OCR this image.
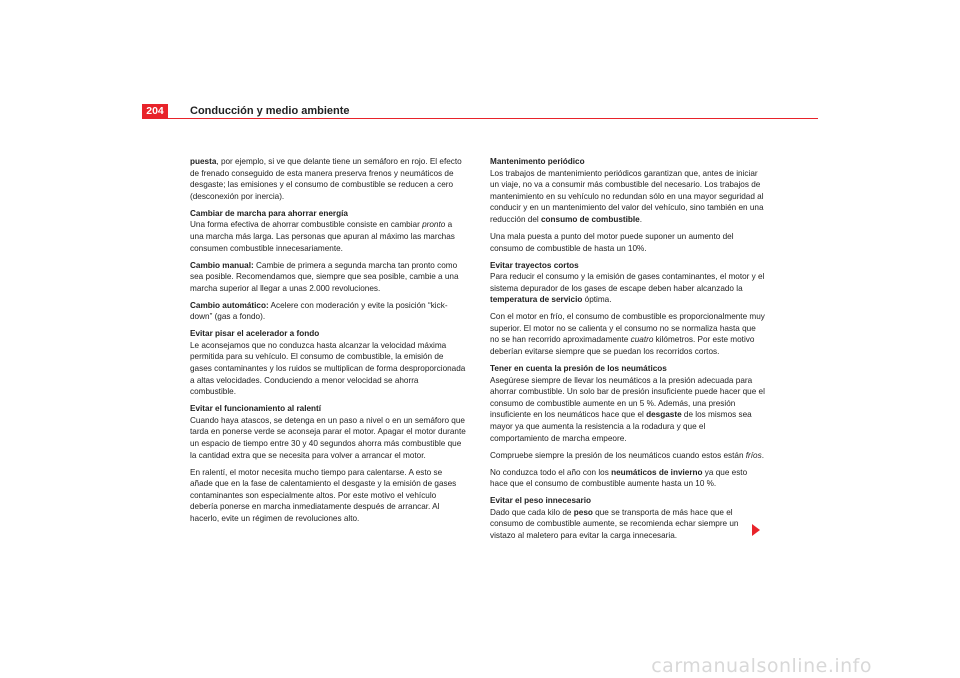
204	Conducción y medio ambiente

puesta, por ejemplo, si ve que delante tiene un semáforo en rojo. El efecto de frenado conseguido de esta manera preserva frenos y neumáticos de desgaste; las emisiones y el consumo de combustible se reducen a cero (desconexión por inercia).

Cambiar de marcha para ahorrar energía
Una forma efectiva de ahorrar combustible consiste en cambiar pronto a una marcha más larga. Las personas que apuran al máximo las marchas consumen combustible innecesariamente.

Cambio manual: Cambie de primera a segunda marcha tan pronto como sea posible. Recomendamos que, siempre que sea posible, cambie a una marcha superior al llegar a unas 2.000 revoluciones.

Cambio automático: Acelere con moderación y evite la posición “kick-down” (gas a fondo).

Evitar pisar el acelerador a fondo
Le aconsejamos que no conduzca hasta alcanzar la velocidad máxima permitida para su vehículo. El consumo de combustible, la emisión de gases contaminantes y los ruidos se multiplican de forma desproporcionada a altas velocidades. Conduciendo a menor velocidad se ahorra combustible.

Evitar el funcionamiento al ralentí
Cuando haya atascos, se detenga en un paso a nivel o en un semáforo que tarda en ponerse verde se aconseja parar el motor. Apagar el motor durante un espacio de tiempo entre 30 y 40 segundos ahorra más combustible que la cantidad extra que se necesita para volver a arrancar el motor.

En ralentí, el motor necesita mucho tiempo para calentarse. A esto se añade que en la fase de calentamiento el desgaste y la emisión de gases contaminantes son especialmente altos. Por este motivo el vehículo debería ponerse en marcha inmediatamente después de arrancar. Al hacerlo, evite un régimen de revoluciones alto.

Mantenimento periódico
Los trabajos de mantenimiento periódicos garantizan que, antes de iniciar un viaje, no va a consumir más combustible del necesario. Los trabajos de mantenimiento en su vehículo no redundan sólo en una mayor seguridad al conducir y en un mantenimiento del valor del vehículo, sino también en una reducción del consumo de combustible.

Una mala puesta a punto del motor puede suponer un aumento del consumo de combustible de hasta un 10%.

Evitar trayectos cortos
Para reducir el consumo y la emisión de gases contaminantes, el motor y el sistema depurador de los gases de escape deben haber alcanzado la temperatura de servicio óptima.

Con el motor en frío, el consumo de combustible es proporcionalmente muy superior. El motor no se calienta y el consumo no se normaliza hasta que no se han recorrido aproximadamente cuatro kilómetros. Por este motivo deberían evitarse siempre que se puedan los recorridos cortos.

Tener en cuenta la presión de los neumáticos
Asegúrese siempre de llevar los neumáticos a la presión adecuada para ahorrar combustible. Un solo bar de presión insuficiente puede hacer que el consumo de combustible aumente en un 5 %. Además, una presión insuficiente en los neumáticos hace que el desgaste de los mismos sea mayor ya que aumenta la resistencia a la rodadura y que el comportamiento de marcha empeore.

Compruebe siempre la presión de los neumáticos cuando estos están fríos.

No conduzca todo el año con los neumáticos de invierno ya que esto hace que el consumo de combustible aumente hasta un 10 %.

Evitar el peso innecesario
Dado que cada kilo de peso que se transporta de más hace que el consumo de combustible aumente, se recomienda echar siempre un vistazo al maletero para evitar la carga innecesaria.

carmanualsonline.info
